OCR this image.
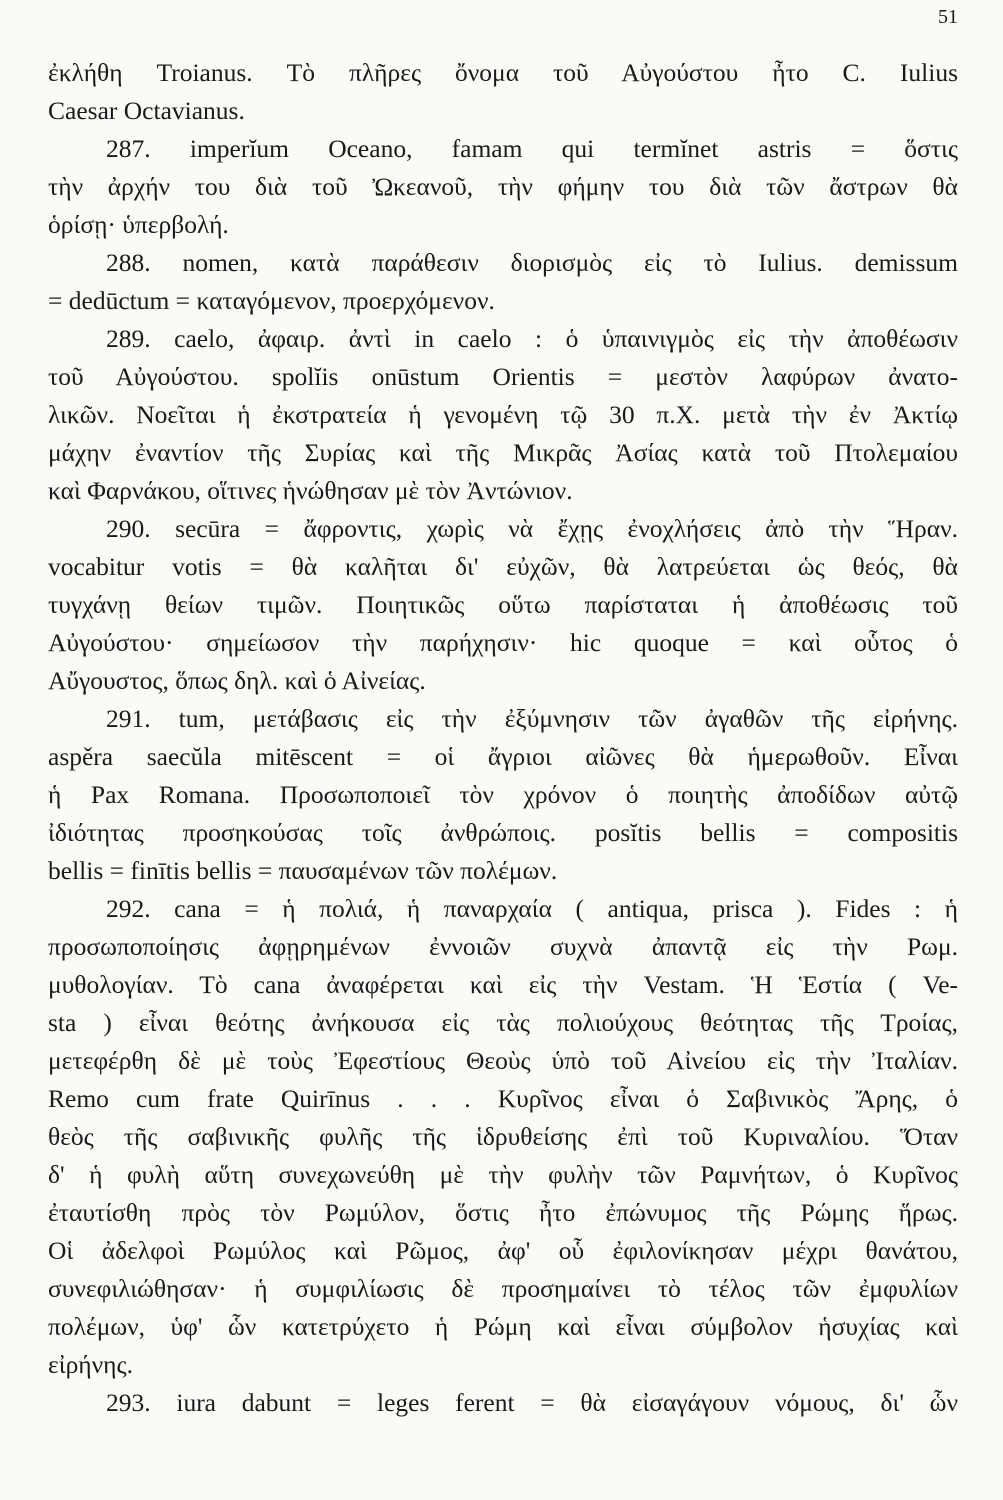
51
ἐκλήθη Troianus. Τὸ πλῆρες ὄνομα τοῦ Αὐγούστου ἦτο C. Iulius
Caesar Octavianus.
287. imperĭum Oceano, famam qui termĭnet astris = ὅστις
τὴν ἀρχήν του διὰ τοῦ Ὠκεανοῦ, τὴν φήμην του διὰ τῶν ἄστρων θὰ
ὁρίσῃ· ὑπερβολή.
288. nomen, κατὰ παράθεσιν διορισμὸς εἰς τὸ Iulius. demissum
= dedūctum = καταγόμενον, προερχόμενον.
289. caelo, ἀφαιρ. ἀντὶ in caelo : ὁ ὑπαινιγμὸς εἰς τὴν ἀποθέωσιν
τοῦ Αὐγούστου. spolĭis onūstum Orientis = μεστὸν λαφύρων ἀνατο-
λικῶν. Νοεῖται ἡ ἐκστρατεία ἡ γενομένη τῷ 30 π.Χ. μετὰ τὴν ἐν Ἀκτίῳ
μάχην ἐναντίον τῆς Συρίας καὶ τῆς Μικρᾶς Ἀσίας κατὰ τοῦ Πτολεμαίου
καὶ Φαρνάκου, οἵτινες ἡνώθησαν μὲ τὸν Ἀντώνιον.
290. secūra = ἄφροντις, χωρὶς νὰ ἔχῃς ἐνοχλήσεις ἀπὸ τὴν Ἥραν.
vocabitur votis = θὰ καλῆται δι' εὐχῶν, θὰ λατρεύεται ὡς θεός, θὰ
τυγχάνῃ θείων τιμῶν. Ποιητικῶς οὕτω παρίσταται ἡ ἀποθέωσις τοῦ
Αὐγούστου· σημείωσον τὴν παρήχησιν· hic quoque = καὶ οὗτος ὁ
Αὔγουστος, ὅπως δηλ. καὶ ὁ Αἰνείας.
291. tum, μετάβασις εἰς τὴν ἐξύμνησιν τῶν ἀγαθῶν τῆς εἰρήνης.
aspěra saecŭla mitēscent = οἱ ἄγριοι αἰῶνες θὰ ἡμερωθοῦν. Εἶναι
ἡ Pax Romana. Προσωποποιεῖ τὸν χρόνον ὁ ποιητὴς ἀποδίδων αὐτῷ
ἰδιότητας προσηκούσας τοῖς ἀνθρώποις. posĭtis bellis = compositis
bellis = finītis bellis = παυσαμένων τῶν πολέμων.
292. cana = ἡ πολιά, ἡ παναρχαία ( antiqua, prisca ). Fides : ἡ
προσωποποίησις ἀφῃρημένων ἐννοιῶν συχνὰ ἀπαντᾷ εἰς τὴν Ρωμ.
μυθολογίαν. Τὸ cana ἀναφέρεται καὶ εἰς τὴν Vestam. Ἡ Ἑστία ( Ve-
sta ) εἶναι θεότης ἀνήκουσα εἰς τὰς πολιούχους θεότητας τῆς Τροίας,
μετεφέρθη δὲ μὲ τοὺς Ἐφεστίους Θεοὺς ὑπὸ τοῦ Αἰνείου εἰς τὴν Ἰταλίαν.
Remo cum frate Quirīnus . . . Κυρῖνος εἶναι ὁ Σαβινικὸς Ἄρης, ὁ
θεὸς τῆς σαβινικῆς φυλῆς τῆς ἱδρυθείσης ἐπὶ τοῦ Κυριναλίου. Ὅταν
δ' ἡ φυλὴ αὕτη συνεχωνεύθη μὲ τὴν φυλὴν τῶν Ραμνήτων, ὁ Κυρῖνος
ἐταυτίσθη πρὸς τὸν Ρωμύλον, ὅστις ἦτο ἐπώνυμος τῆς Ρώμης ἥρως.
Οἱ ἀδελφοὶ Ρωμύλος καὶ Ρῶμος, ἀφ' οὗ ἐφιλονίκησαν μέχρι θανάτου,
συνεφιλιώθησαν· ἡ συμφιλίωσις δὲ προσημαίνει τὸ τέλος τῶν ἐμφυλίων
πολέμων, ὑφ' ὧν κατετρύχετο ἡ Ρώμη καὶ εἶναι σύμβολον ἡσυχίας καὶ
εἰρήνης.
293. iura dabunt = leges ferent = θὰ εἰσαγάγουν νόμους, δι' ὧν
